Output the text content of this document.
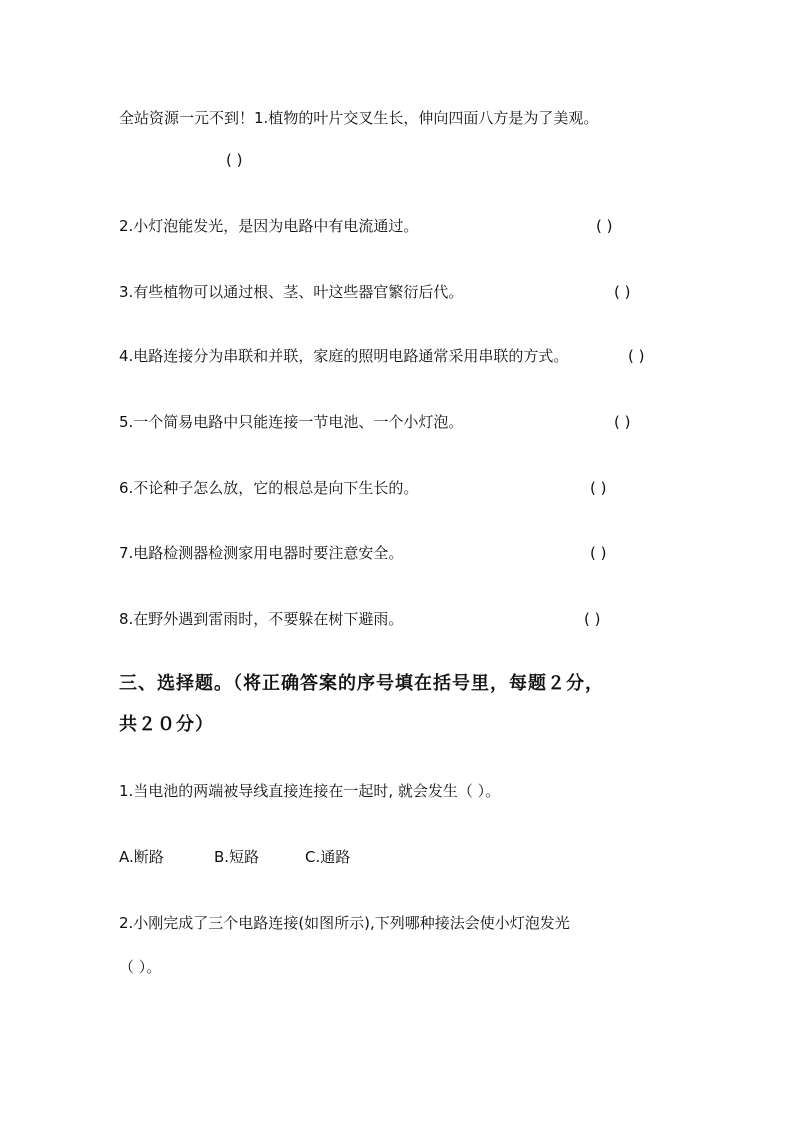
全站资源一元不到！1.植物的叶片交叉生长，伸向四面八方是为了美观。
( )
2.小灯泡能发光，是因为电路中有电流通过。	( )
3.有些植物可以通过根、茎、叶这些器官繁衍后代。	( )
4.电路连接分为串联和并联，家庭的照明电路通常采用串联的方式。	( )
5.一个简易电路中只能连接一节电池、一个小灯泡。	( )
6.不论种子怎么放，它的根总是向下生长的。	( )
7.电路检测器检测家用电器时要注意安全。	( )
8.在野外遇到雷雨时，不要躲在树下避雨。	( )
三、选择题。（将正确答案的序号填在括号里，每题２分，
共２０分）
1.当电池的两端被导线直接连接在一起时, 就会发生（ ）。
A.断路	B.短路	C.通路
2.小刚完成了三个电路连接(如图所示),下列哪种接法会使小灯泡发光
（ ）。
